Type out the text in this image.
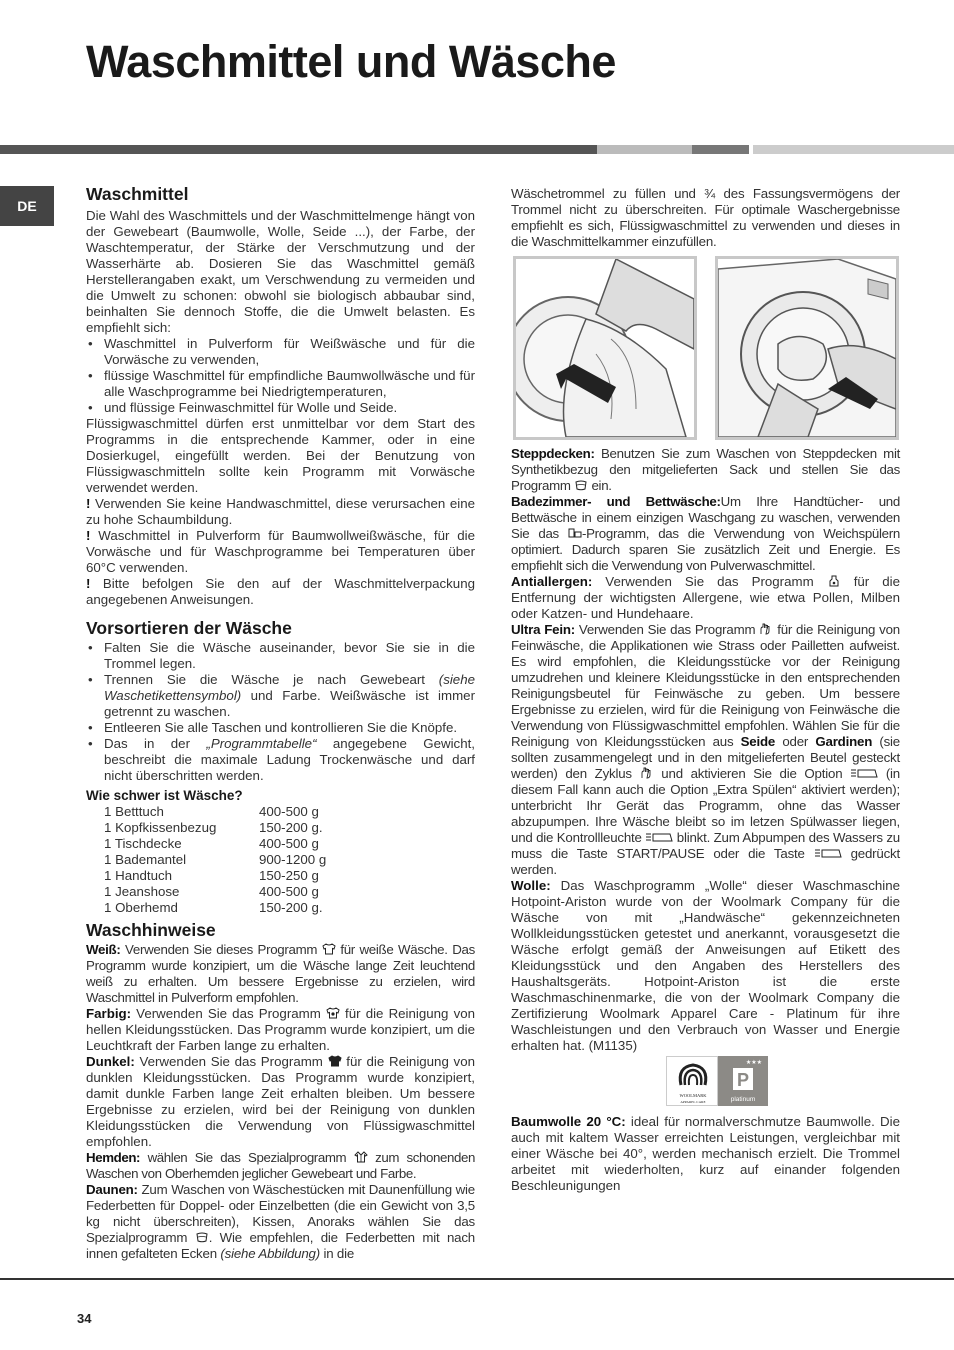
Waschmittel und Wäsche
DE
Waschmittel

Die Wahl des Waschmittels und der Waschmittelmenge hängt von der Gewebeart (Baumwolle, Wolle, Seide ...), der Farbe, der Waschtemperatur, der Stärke der Verschmutzung und der Wasserhärte ab. Dosieren Sie das Waschmittel gemäß Herstellerangaben exakt, um Verschwendung zu vermeiden und die Umwelt zu schonen: obwohl sie biologisch abbaubar sind, beinhalten Sie dennoch Stoffe, die die Umwelt belasten. Es empfiehlt sich:

• Waschmittel in Pulverform für Weißwäsche und für die Vorwäsche zu verwenden,
• flüssige Waschmittel für empfindliche Baumwollwäsche und für alle Waschprogramme bei Niedrigtemperaturen,
• und flüssige Feinwaschmittel für Wolle und Seide.

Flüssigwaschmittel dürfen erst unmittelbar vor dem Start des Programms in die entsprechende Kammer, oder in eine Dosierkugel, eingefüllt werden. Bei der Benutzung von Flüssigwaschmitteln sollte kein Programm mit Vorwäsche verwendet werden.

! Verwenden Sie keine Handwaschmittel, diese verursachen eine zu hohe Schaumbildung.

! Waschmittel in Pulverform für Baumwollweißwäsche, für die Vorwäsche und für Waschprogramme bei Temperaturen über 60°C verwenden.

! Bitte befolgen Sie den auf der Waschmittelverpackung angegebenen Anweisungen.

Vorsortieren der Wäsche
• Falten Sie die Wäsche auseinander, bevor Sie sie in die Trommel legen.
• Trennen Sie die Wäsche je nach Gewebeart (siehe Waschetikettensymbol) und Farbe. Weißwäsche ist immer getrennt zu waschen.
• Entleeren Sie alle Taschen und kontrollieren Sie die Knöpfe.
• Das in der „Programmtabelle“ angegebene Gewicht, beschreibt die maximale Ladung Trockenwäsche und darf nicht überschritten werden.
Wie schwer ist Wäsche?
1 Betttuch	400-500 g
1 Kopfkissenbezug	150-200 g.
1 Tischdecke	400-500 g
1 Bademantel	900-1200 g
1 Handtuch	150-250 g
1 Jeanshose	400-500 g
1 Oberhemd	150-200 g.
Waschhinweise

Weiß: Verwenden Sie dieses Programm
für weiße Wäsche. Das Programm wurde konzipiert, um die Wäsche lange Zeit leuchtend weiß zu erhalten. Um bessere Ergebnisse zu erzielen, wird Waschmittel in Pulverform empfohlen.

Farbig: Verwenden Sie das Programm
für die Reinigung von hellen Kleidungsstücken. Das Programm wurde konzipiert, um die Leuchtkraft der Farben lange zu erhalten.

Dunkel: Verwenden Sie das Programm
für die Reinigung von dunklen Kleidungsstücken. Das Programm wurde konzipiert, damit dunkle Farben lange Zeit erhalten bleiben. Um bessere Ergebnisse zu erzielen, wird bei der Reinigung von dunklen Kleidungsstücken die Verwendung von Flüssigwaschmittel empfohlen.

Hemden: wählen Sie das Spezialprogramm
zum schonenden Waschen von Oberhemden jeglicher Gewebeart und Farbe.

Daunen: Zum Waschen von Wäschestücken mit Daunenfüllung wie Federbetten für Doppel- oder Einzelbetten (die ein Gewicht von 3,5 kg nicht überschreiten), Kissen, Anoraks wählen Sie das Spezialprogramm
. Wie empfehlen, die Federbetten mit nach innen gefalteten Ecken (siehe Abbildung) in die

Wäschetrommel zu füllen und ¾ des Fassungsvermögens der Trommel nicht zu überschreiten. Für optimale Waschergebnisse empfiehlt es sich, Flüssigwaschmittel zu verwenden und dieses in die Waschmittelkammer einzufüllen.

Steppdecken: Benutzen Sie zum Waschen von Steppdecken mit Synthetikbezug den mitgelieferten Sack und stellen Sie das Programm
ein.

Badezimmer- und Bettwäsche:Um Ihre Handtücher- und Bettwäsche in einem einzigen Waschgang zu waschen, verwenden Sie das
-Programm, das die Verwendung von Weichspülern optimiert. Dadurch sparen Sie zusätzlich Zeit und Energie. Es empfiehlt sich die Verwendung von Pulverwaschmittel.

Antiallergen: Verwenden Sie das Programm
für die Entfernung der wichtigsten Allergene, wie etwa Pollen, Milben oder Katzen- und Hundehaare.

Ultra Fein: Verwenden Sie das Programm
für die Reinigung von Feinwäsche, die Applikationen wie Strass oder Pailletten aufweist. Es wird empfohlen, die Kleidungsstücke vor der Reinigung umzudrehen und kleinere Kleidungsstücke in den entsprechenden Reinigungsbeutel für Feinwäsche zu geben. Um bessere Ergebnisse zu erzielen, wird für die Reinigung von Feinwäsche die Verwendung von Flüssigwaschmittel empfohlen. Wählen Sie für die Reinigung von Kleidungsstücken aus Seide oder Gardinen (sie sollten zusammengelegt und in den mitgelieferten Beutel gesteckt werden) den Zyklus
und aktivieren Sie die Option
(in diesem Fall kann auch die Option „Extra Spülen“ aktiviert werden); unterbricht Ihr Gerät das Programm, ohne das Wasser abzupumpen. Ihre Wäsche bleibt so im letzen Spülwasser liegen, und die Kontrollleuchte
blinkt. Zum Abpumpen des Wassers zu muss die Taste START/PAUSE oder die Taste
gedrückt werden.

Wolle: Das Waschprogramm „Wolle“ dieser Waschmaschine Hotpoint-Ariston wurde von der Woolmark Company für die Wäsche von mit „Handwäsche“ gekennzeichneten Wollkleidungsstücken getestet und anerkannt, vorausgesetzt die Wäsche erfolgt gemäß der Anweisungen auf Etikett des Kleidungsstück und den Angaben des Herstellers des Haushaltsgeräts. Hotpoint-Ariston ist die erste Waschmaschinenmarke, die von der Woolmark Company die Zertifizierung Woolmark Apparel Care - Platinum für ihre Waschleistungen und den Verbrauch von Wasser und Energie erhalten hat. (M1135)

WOOLMARK
APPAREL CARE
★★★
P
platinum

Baumwolle 20 °C: ideal für normalverschmutze Baumwolle. Die auch mit kaltem Wasser erreichten Leistungen, vergleichbar mit einer Wäsche bei 40°, werden mechanisch erzielt. Die Trommel arbeitet mit wiederholten, kurz auf einander folgenden Beschleunigungen

34
